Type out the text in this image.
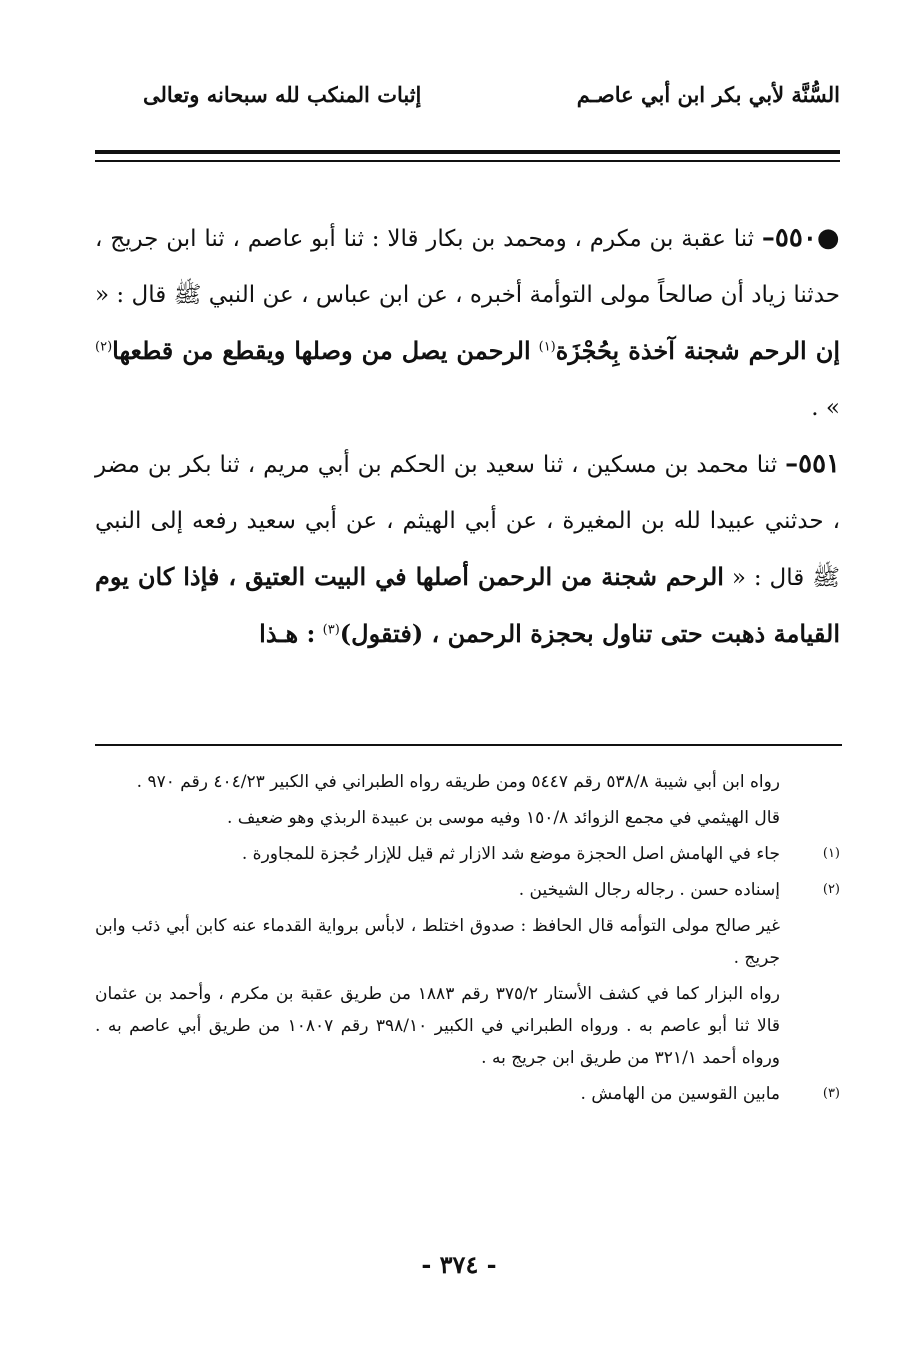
السُّنَّة لأبي بكر ابن أبي عاصـم
إثبات المنكب لله سبحانه وتعالى

●٥٥٠– ثنا عقبة بن مكرم ، ومحمد بن بكار قالا : ثنا أبو عاصم ، ثنا ابن جريج ، حدثنا زياد أن صالحاً مولى التوأمة أخبره ، عن ابن عباس ، عن النبي ﷺ قال : « إن الرحم شجنة آخذة بِحُجْزَة$^{(١)}$ الرحمن يصل من وصلها ويقطع من قطعها$^{(٢)}$ » .

٥٥١– ثنا محمد بن مسكين ، ثنا سعيد بن الحكم بن أبي مريم ، ثنا بكر بن مضر ، حدثني عبيدا لله بن المغيرة ، عن أبي الهيثم ، عن أبي سعيد رفعه إلى النبي ﷺ قال : « الرحم شجنة من الرحمن أصلها في البيت العتيق ، فإذا كان يوم القيامة ذهبت حتى تناول بحجزة الرحمن ، (فتقول)$^{(٣)}$ : هـذا

رواه ابن أبي شيبة ٥٣٨/٨ رقم ٥٤٤٧ ومن طريقه رواه الطبراني في الكبير ٤٠٤/٢٣ رقم ٩٧٠ .
قال الهيثمي في مجمع الزوائد ١٥٠/٨ وفيه موسى بن عبيدة الربذي وهو ضعيف .
(١)
جاء في الهامش اصل الحجزة موضع شد الازار ثم قيل للإزار حُجزة للمجاورة .
(٢)
إسناده حسن . رجاله رجال الشيخين .
غير صالح مولى التوأمه قال الحافظ : صدوق اختلط ، لابأس برواية القدماء عنه كابن أبي ذئب وابن جريج .
رواه البزار كما في كشف الأستار ٣٧٥/٢ رقم ١٨٨٣ من طريق عقبة بن مكرم ، وأحمد بن عثمان قالا ثنا أبو عاصم به . ورواه الطبراني في الكبير ٣٩٨/١٠ رقم ١٠٨٠٧ من طريق أبي عاصم به . ورواه أحمد ٣٢١/١ من طريق ابن جريج به .
(٣)
مابين القوسين من الهامش .
- ٣٧٤ -
